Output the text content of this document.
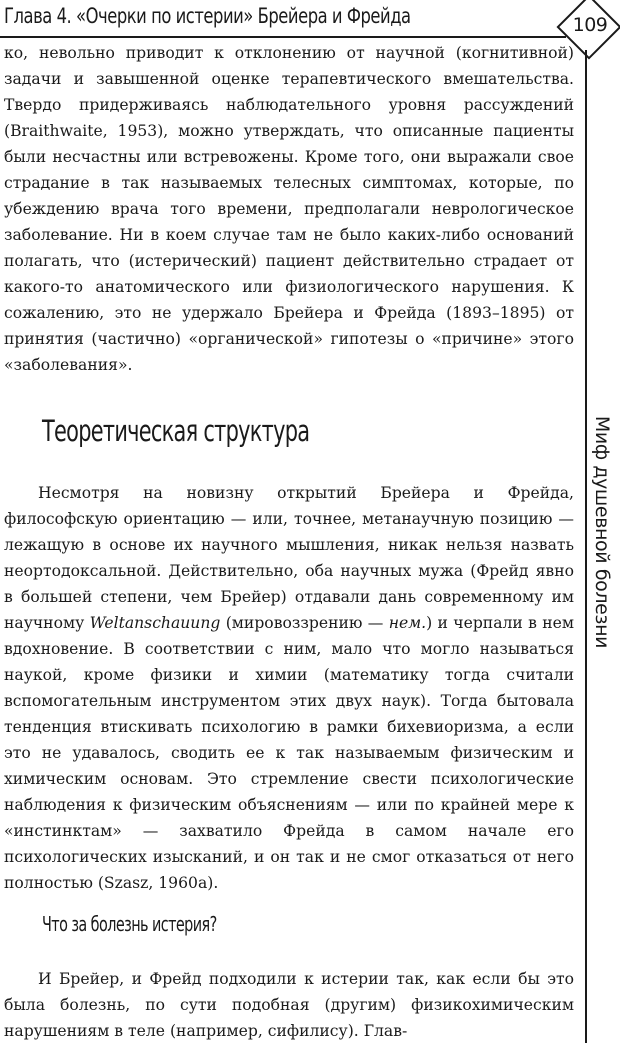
Глава 4. «Очерки по истерии» Брейера и Фрейда	109
Миф душевной болезни

ко, невольно приводит к отклонению от научной (когнитивной) задачи и завышенной оценке терапевтического вмешательства. Твердо придерживаясь наблюдательного уровня рассуждений (Braithwaite, 1953), можно утверждать, что описанные пациенты были несчастны или встревожены. Кроме того, они выражали свое страдание в так называемых телесных симптомах, которые, по убеждению врача того времени, предполагали неврологическое заболевание. Ни в коем случае там не было каких-либо оснований полагать, что (истерический) пациент действительно страдает от какого-то анатомического или физиологического нарушения. К сожалению, это не удержало Брейера и Фрейда (1893–1895) от принятия (частично) «органической» гипотезы о «причине» этого «заболевания».

Теоретическая структура

Несмотря на новизну открытий Брейера и Фрейда, философскую ориентацию — или, точнее, метанаучную позицию — лежащую в основе их научного мышления, никак нельзя назвать неортодоксальной. Действительно, оба научных мужа (Фрейд явно в большей степени, чем Брейер) отдавали дань современному им научному Weltanschauung (мировоззрению — нем.) и черпали в нем вдохновение. В соответствии с ним, мало что могло называться наукой, кроме физики и химии (математику тогда считали вспомогательным инструментом этих двух наук). Тогда бытовала тенденция втискивать психологию в рамки бихевиоризма, а если это не удавалось, сводить ее к так называемым физическим и химическим основам. Это стремление свести психологические наблюдения к физическим объяснениям — или по крайней мере к «инстинктам» — захватило Фрейда в самом начале его психологических изысканий, и он так и не смог отказаться от него полностью (Szasz, 1960a).

Что за болезнь истерия?

И Брейер, и Фрейд подходили к истерии так, как если бы это была болезнь, по сути подобная (другим) физикохимическим нарушениям в теле (например, сифилису). Глав-
